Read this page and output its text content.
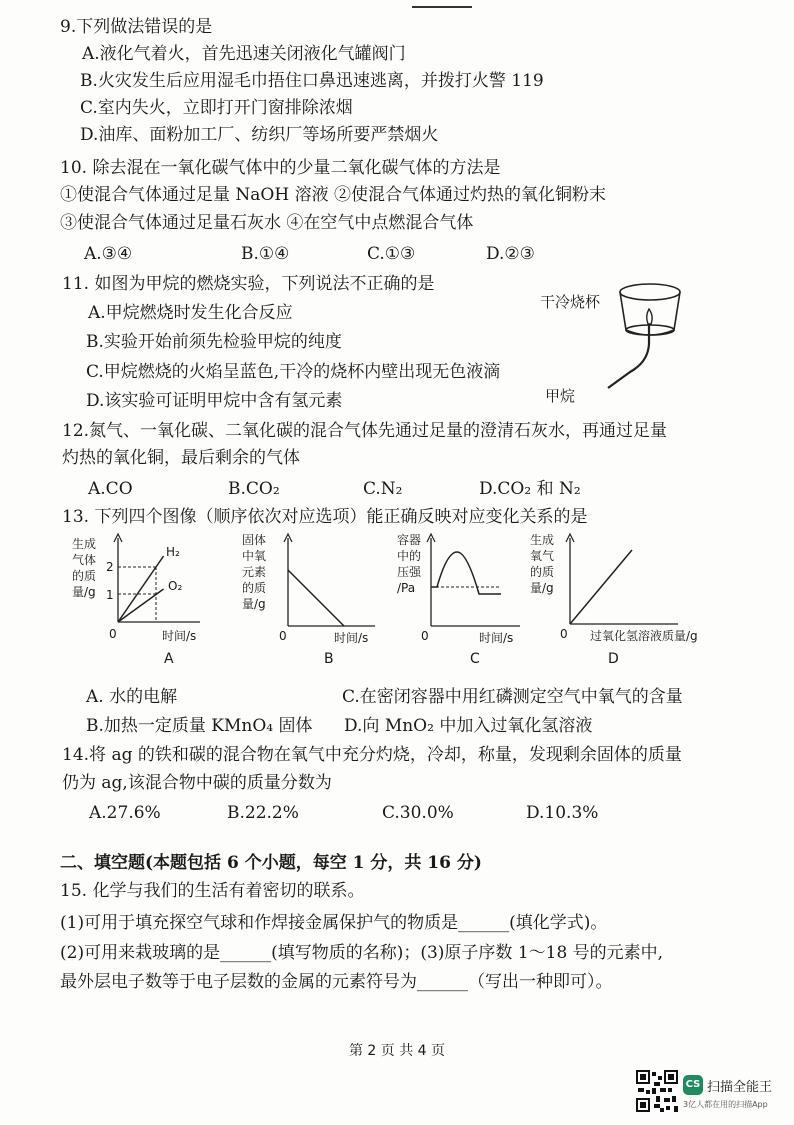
9.下列做法错误的是
A.液化气着火，首先迅速关闭液化气罐阀门
B.火灾发生后应用湿毛巾捂住口鼻迅速逃离，并拨打火警 119
C.室内失火，立即打开门窗排除浓烟
D.油库、面粉加工厂、纺织厂等场所要严禁烟火
10. 除去混在一氧化碳气体中的少量二氧化碳气体的方法是
①使混合气体通过足量 NaOH 溶液 ②使混合气体通过灼热的氧化铜粉末
③使混合气体通过足量石灰水 ④在空气中点燃混合气体
A.③④	B.①④	C.①③	D.②③
11. 如图为甲烷的燃烧实验，下列说法不正确的是
A.甲烷燃烧时发生化合反应
B.实验开始前须先检验甲烷的纯度
C.甲烷燃烧的火焰呈蓝色,干冷的烧杯内壁出现无色液滴
D.该实验可证明甲烷中含有氢元素
干冷烧杯
甲烷
12.氮气、一氧化碳、二氧化碳的混合气体先通过足量的澄清石灰水，再通过足量
灼热的氧化铜，最后剩余的气体
A.CO	B.CO₂	C.N₂	D.CO₂ 和 N₂
13. 下列四个图像（顺序依次对应选项）能正确反映对应变化关系的是
生成
气体
的质
量/g
0
2
1
H₂
O₂
时间/s
A
固体
中氧
元素
的质
量/g
0	时间/s
B
容器
中的
压强
/Pa
0	时间/s
C
生成
氧气
的质
量/g
0 过氧化氢溶液质量/g
D
A. 水的电解	C.在密闭容器中用红磷测定空气中氧气的含量
B.加热一定质量 KMnO₄ 固体 D.向 MnO₂ 中加入过氧化氢溶液
14.将 ag 的铁和碳的混合物在氧气中充分灼烧，冷却，称量，发现剩余固体的质量
仍为 ag,该混合物中碳的质量分数为
A.27.6%	B.22.2%	C.30.0%	D.10.3%
二、填空题(本题包括 6 个小题，每空 1 分，共 16 分)
15. 化学与我们的生活有着密切的联系。
(1)可用于填充探空气球和作焊接金属保护气的物质是______(填化学式)。
(2)可用来栽玻璃的是______(填写物质的名称)；(3)原子序数 1～18 号的元素中,
最外层电子数等于电子层数的金属的元素符号为______（写出一种即可）。
第 2 页 共 4 页
CS 扫描全能王
3亿人都在用的扫描App
